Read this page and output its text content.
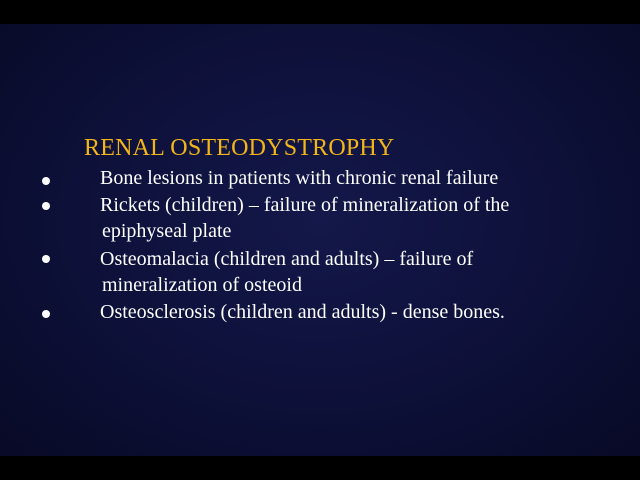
RENAL OSTEODYSTROPHY
Bone lesions in patients with chronic renal failure
Rickets (children) – failure of mineralization of the
epiphyseal plate
Osteomalacia (children and adults) – failure of
mineralization of osteoid
Osteosclerosis (children and adults) - dense bones.
